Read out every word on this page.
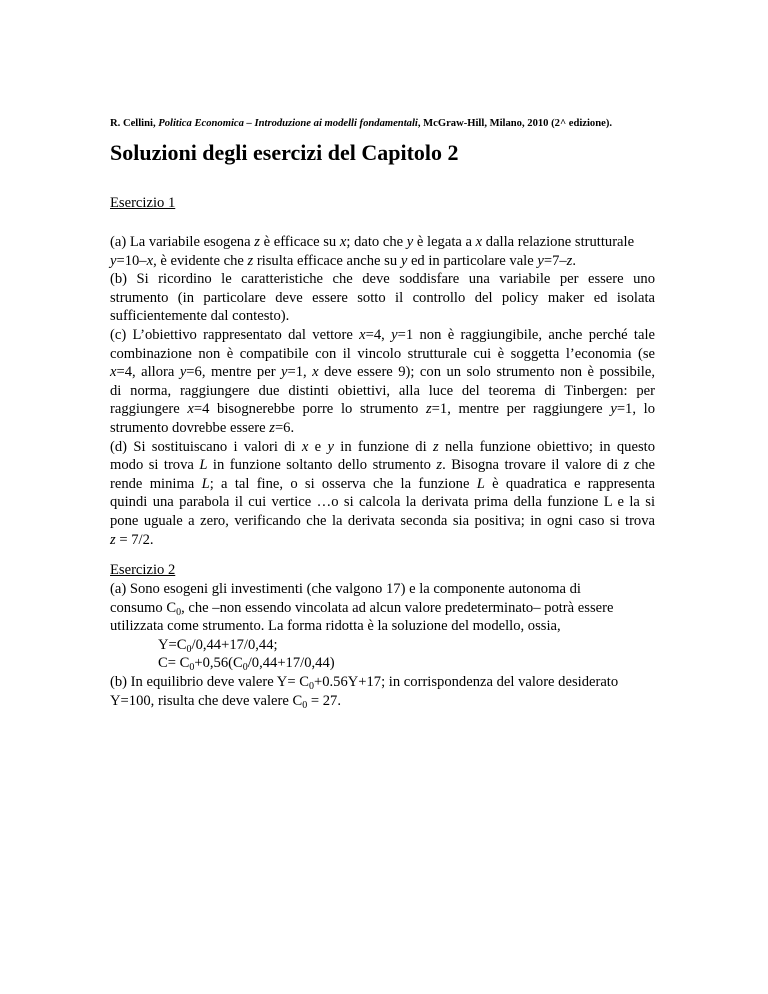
R. Cellini, Politica Economica – Introduzione ai modelli fondamentali, McGraw-Hill, Milano, 2010 (2^ edizione).
Soluzioni degli esercizi del Capitolo 2
Esercizio 1
(a) La variabile esogena z è efficace su x; dato che y è legata a x dalla relazione strutturale
y=10–x, è evidente che z risulta efficace anche su y ed in particolare vale y=7–z.
(b) Si ricordino le caratteristiche che deve soddisfare una variabile per essere uno
strumento (in particolare deve essere sotto il controllo del policy maker ed isolata
sufficientemente dal contesto).
(c) L’obiettivo rappresentato dal vettore x=4, y=1 non è raggiungibile, anche perché tale
combinazione non è compatibile con il vincolo strutturale cui è soggetta l’economia (se
x=4, allora y=6, mentre per y=1, x deve essere 9); con un solo strumento non è possibile,
di norma, raggiungere due distinti obiettivi, alla luce del teorema di Tinbergen: per
raggiungere x=4 bisognerebbe porre lo strumento z=1, mentre per raggiungere y=1, lo
strumento dovrebbe essere z=6.
(d) Si sostituiscano i valori di x e y in funzione di z nella funzione obiettivo; in questo
modo si trova L in funzione soltanto dello strumento z. Bisogna trovare il valore di z che
rende minima L; a tal fine, o si osserva che la funzione L è quadratica e rappresenta
quindi una parabola il cui vertice …o si calcola la derivata prima della funzione L e la si
pone uguale a zero, verificando che la derivata seconda sia positiva; in ogni caso si trova
z = 7/2.
Esercizio 2
(a) Sono esogeni gli investimenti (che valgono 17) e la componente autonoma di
consumo $C_0$, che –non essendo vincolata ad alcun valore predeterminato– potrà essere
utilizzata come strumento. La forma ridotta è la soluzione del modello, ossia,
$Y=C_0/0,44+17/0,44$;
$C= C_0+0,56(C_0/0,44+17/0,44)$
(b) In equilibrio deve valere $Y= C_0+0.56Y+17$; in corrispondenza del valore desiderato
Y=100, risulta che deve valere $C_0 = 27$.
